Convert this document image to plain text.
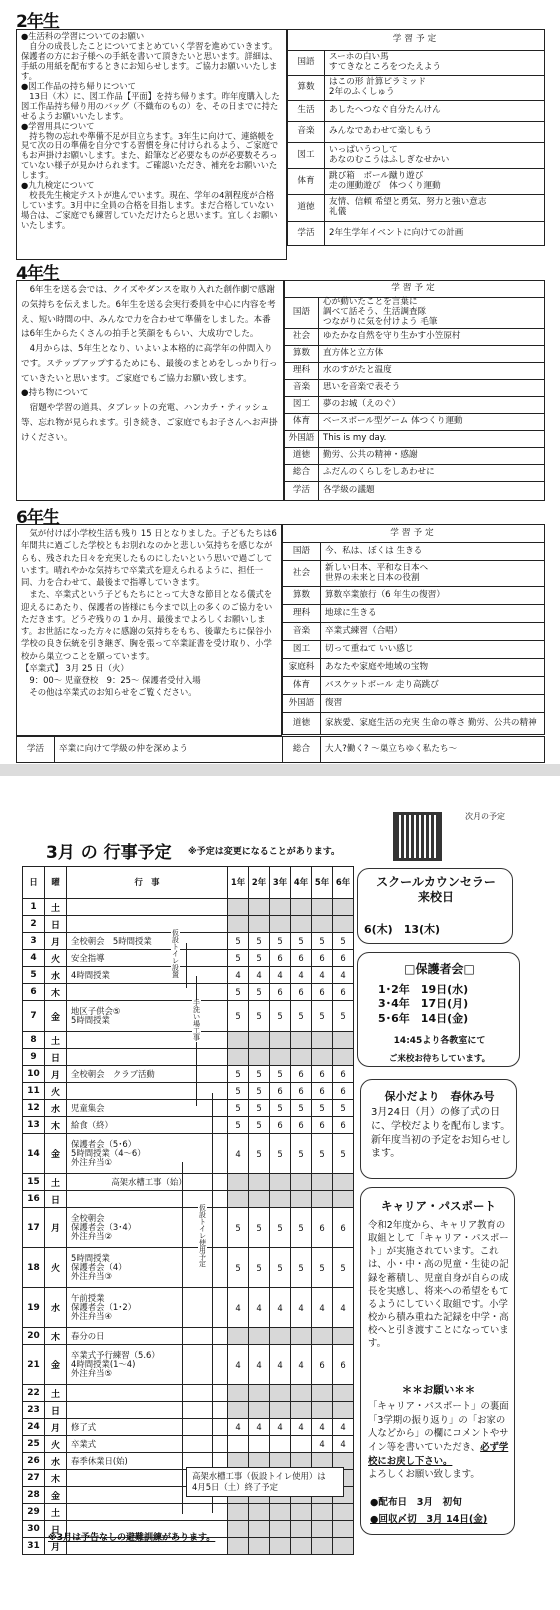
2年生
●生活科の学習についてのお願い
　自分の成長したことについてまとめていく学習を進めていきます。保護者の方にお子様への手紙を書いて頂きたいと思います。詳細は、手紙の用紙を配布するときにお知らせします。ご協力お願いいたします。
●図工作品の持ち帰りについて
　13日（木）に、図工作品【平面】を持ち帰ります。昨年度購入した図工作品持ち帰り用のバッグ（不織布のもの）を、その日までに持たせるようお願いいたします。
●学習用具について
　持ち物の忘れや準備不足が目立ちます。3年生に向けて、連絡帳を見て次の日の準備を自分でする習慣を身に付けられるよう、ご家庭でもお声掛けお願いします。また、鉛筆など必要なものが必要数そろっていない様子が見かけられます。ご確認いただき、補充をお願いいたします。
●九九検定について
　校長先生検定テストが進んでいます。現在、学年の4割程度が合格しています。3月中に全員の合格を目指します。まだ合格していない場合は、ご家庭でも練習していただけたらと思います。宜しくお願いいたします。
学習予定	
国語	スーホの白い馬
すてきなところをつたえよう
算数	はこの形 計算ピラミッド
2年のふくしゅう
生活	あしたへつなぐ自分たんけん
音楽	みんなであわせて楽しもう
図工	いっぱいうつして
あなのむこうはふしぎなせかい
体育	跳び箱　ボール蹴り遊び
走の運動遊び　体つくり運動
道徳	友情、信頼 希望と勇気、努力と強い意志
礼儀
学活	2年生学年イベントに向けての計画
4年生
　6年生を送る会では、クイズやダンスを取り入れた創作劇で感謝の気持ちを伝えました。6年生を送る会実行委員を中心に内容を考え、短い時間の中、みんなで力を合わせて準備をしました。本番は6年生からたくさんの拍手と笑顔をもらい、大成功でした。
　4月からは、5年生となり、いよいよ本格的に高学年の仲間入りです。ステップアップするためにも、最後のまとめをしっかり行っていきたいと思います。ご家庭でもご協力お願い致します。
●持ち物について
　宿題や学習の道具、タブレットの充電、ハンカチ・ティッシュ等、忘れ物が見られます。引き続き、ご家庭でもお子さんへお声掛けください。
学習予定	
国語	心が動いたことを言葉に
調べて話そう、生活調査隊
つながりに気を付けよう 毛筆
社会	ゆたかな自然を守り生かす小笠原村
算数	直方体と立方体
理科	水のすがたと温度
音楽	思いを音楽で表そう
図工	夢のお城（えのぐ）
体育	ベースボール型ゲーム 体つくり運動
外国語	This is my day.
道徳	勤労、公共の精神・感謝
総合	ふだんのくらしをしあわせに
学活	各学級の議題
6年生
　気が付けば小学校生活も残り 15 日となりました。子どもたちは6年間共に過ごした学校ともお別れなのかと悲しい気持ちを感じながらも、残された日々を充実したものにしたいという思いで過ごしています。晴れやかな気持ちで卒業式を迎えられるように、担任一同、力を合わせて、最後まで指導していきます。
　また、卒業式という子どもたちにとって大きな節目となる儀式を迎えるにあたり、保護者の皆様にも今まで以上の多くのご協力をいただきます。どうぞ残りの 1 か月、最後までよろしくお願いします。お世話になった方々に感謝の気持ちをもち、後輩たちに保谷小学校の良き伝統を引き継ぎ、胸を張って卒業証書を受け取り、小学校から巣立つことを願っています。
【卒業式】 3月 25 日（火）
　9：00～ 児童登校　9：25～ 保護者受付入場
　その他は卒業式のお知らせをご覧ください。
学習予定	
国語	今、私は、ぼくは 生きる
社会	新しい日本、平和な日本へ
世界の未来と日本の役割
算数	算数卒業旅行（6 年生の復習）
理科	地球に生きる
音楽	卒業式練習（合唱）
図工	切って重ねて いい感じ
家庭科	あなたや家庭や地域の宝物
体育	バスケットボール 走り高跳び
外国語	復習
道徳	家族愛、家庭生活の充実 生命の尊さ 勤労、公共の精神
学活	卒業に向けて学級の仲を深めよう	総合	大人?働く? ～巣立ちゆく私たち～
3月 の 行事予定 ※予定は変更になることがあります。
日	曜	行　事	1年	2年	3年	4年	5年	6年
1	土							
2	日							
3	月	全校朝会　5時間授業	5	5	5	5	5	5
4	火	安全指導	5	5	6	6	6	6
5	水	4時間授業	4	4	4	4	4	4
6	木		5	5	6	6	6	6
7	金	地区子供会⑤
5時間授業	5	5	5	5	5	5
8	土							
9	日							
10	月	全校朝会　クラブ活動	5	5	5	6	6	6
11	火		5	5	6	6	6	6
12	水	児童集会	5	5	5	5	5	5
13	木	給食（終）	5	5	6	6	6	6
14	金	保護者会（5･6）
5時間授業（4～6）
外注弁当①	4	5	5	5	5	5
15	土	高架水槽工事（始）						
16	日							
17	月	全校朝会
保護者会（3･4）
外注弁当②	5	5	5	5	6	6
18	火	5時間授業
保護者会（4）
外注弁当③	5	5	5	5	5	5
19	水	午前授業
保護者会（1･2）
外注弁当④	4	4	4	4	4	4
20	木	春分の日						
21	金	卒業式予行練習（5.6）
4時間授業(1～4)
外注弁当⑤	4	4	4	4	6	6
22	土							
23	日							
24	月	修了式	4	4	4	4	4	4
25	火	卒業式					4	4
26	水	春季休業日(始)						
27	木							
28	金							
29	土							
30	日							
31	月							
仮設トイレ設置
手洗い場工事
仮設トイレ使用予定
高架水槽工事（仮設トイレ使用）は
4月5日（土）終了予定
※3月は予告なしの避難訓練があります。
次月の予定
スクールカウンセラー
来校日
6(木)　13(木)
□保護者会□
1･2年　19日(水)
3･4年　17日(月)
5･6年　14日(金)
14:45より各教室にて
ご来校お待ちしています。
保小だより　春休み号
3月24日（月）の修了式の日に、学校だよりを配布します。
新年度当初の予定をお知らせします。
キャリア・パスポート
令和2年度から、キャリア教育の取組として「キャリア・パスポート」が実施されています。これは、小・中・高の児童・生徒の記録を蓄積し、児童自身が自らの成長を実感し、将来への希望をもてるようにしていく取組です。小学校から積み重ねた記録を中学・高校へと引き渡すことになっています。
＊＊お願い＊＊
「キャリア・パスポート」の裏面「3学期の振り返り」の「お家の人などから」の欄にコメントやサイン等を書いていただき、必ず学校にお戻し下さい。
よろしくお願い致します。
●配布日　3月　初旬
●回収〆切　3月 14日(金)
